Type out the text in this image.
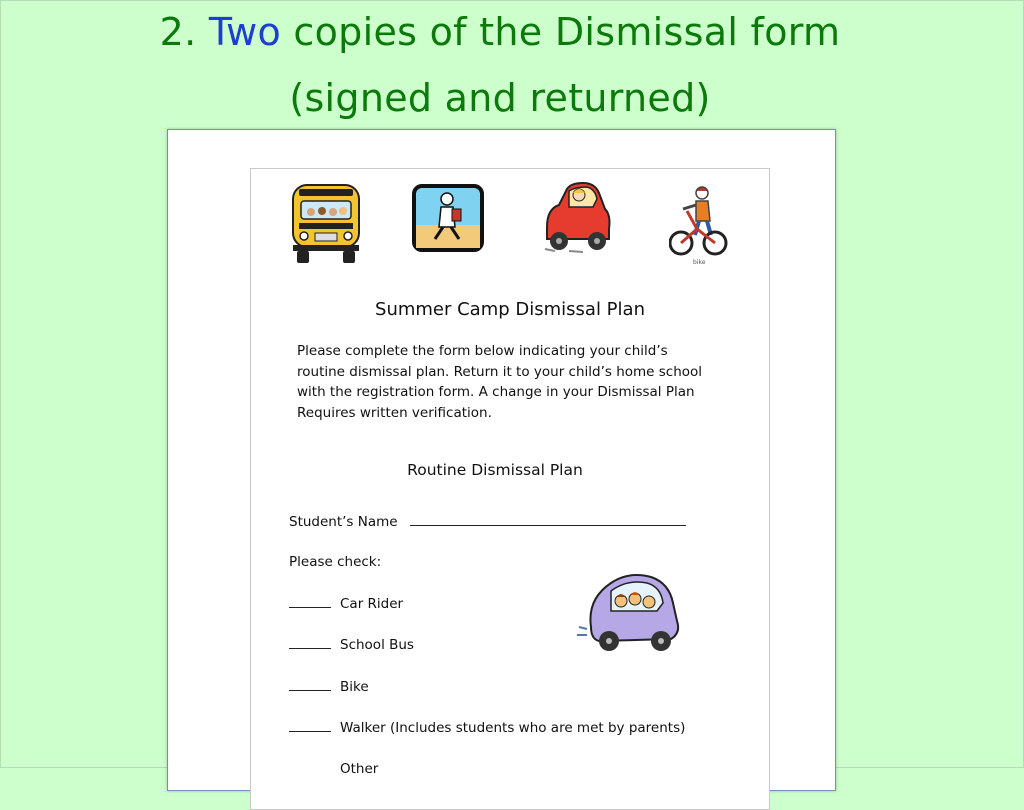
2. Two copies of the Dismissal form
(signed and returned)
bike
Summer Camp Dismissal Plan
Please complete the form below indicating your child’s
routine dismissal plan. Return it to your child’s home school
with the registration form. A change in your Dismissal Plan
Requires written verification.
Routine Dismissal Plan
Student’s Name
Please check:
Car Rider
School Bus
Bike
Walker (Includes students who are met by parents)
Other
